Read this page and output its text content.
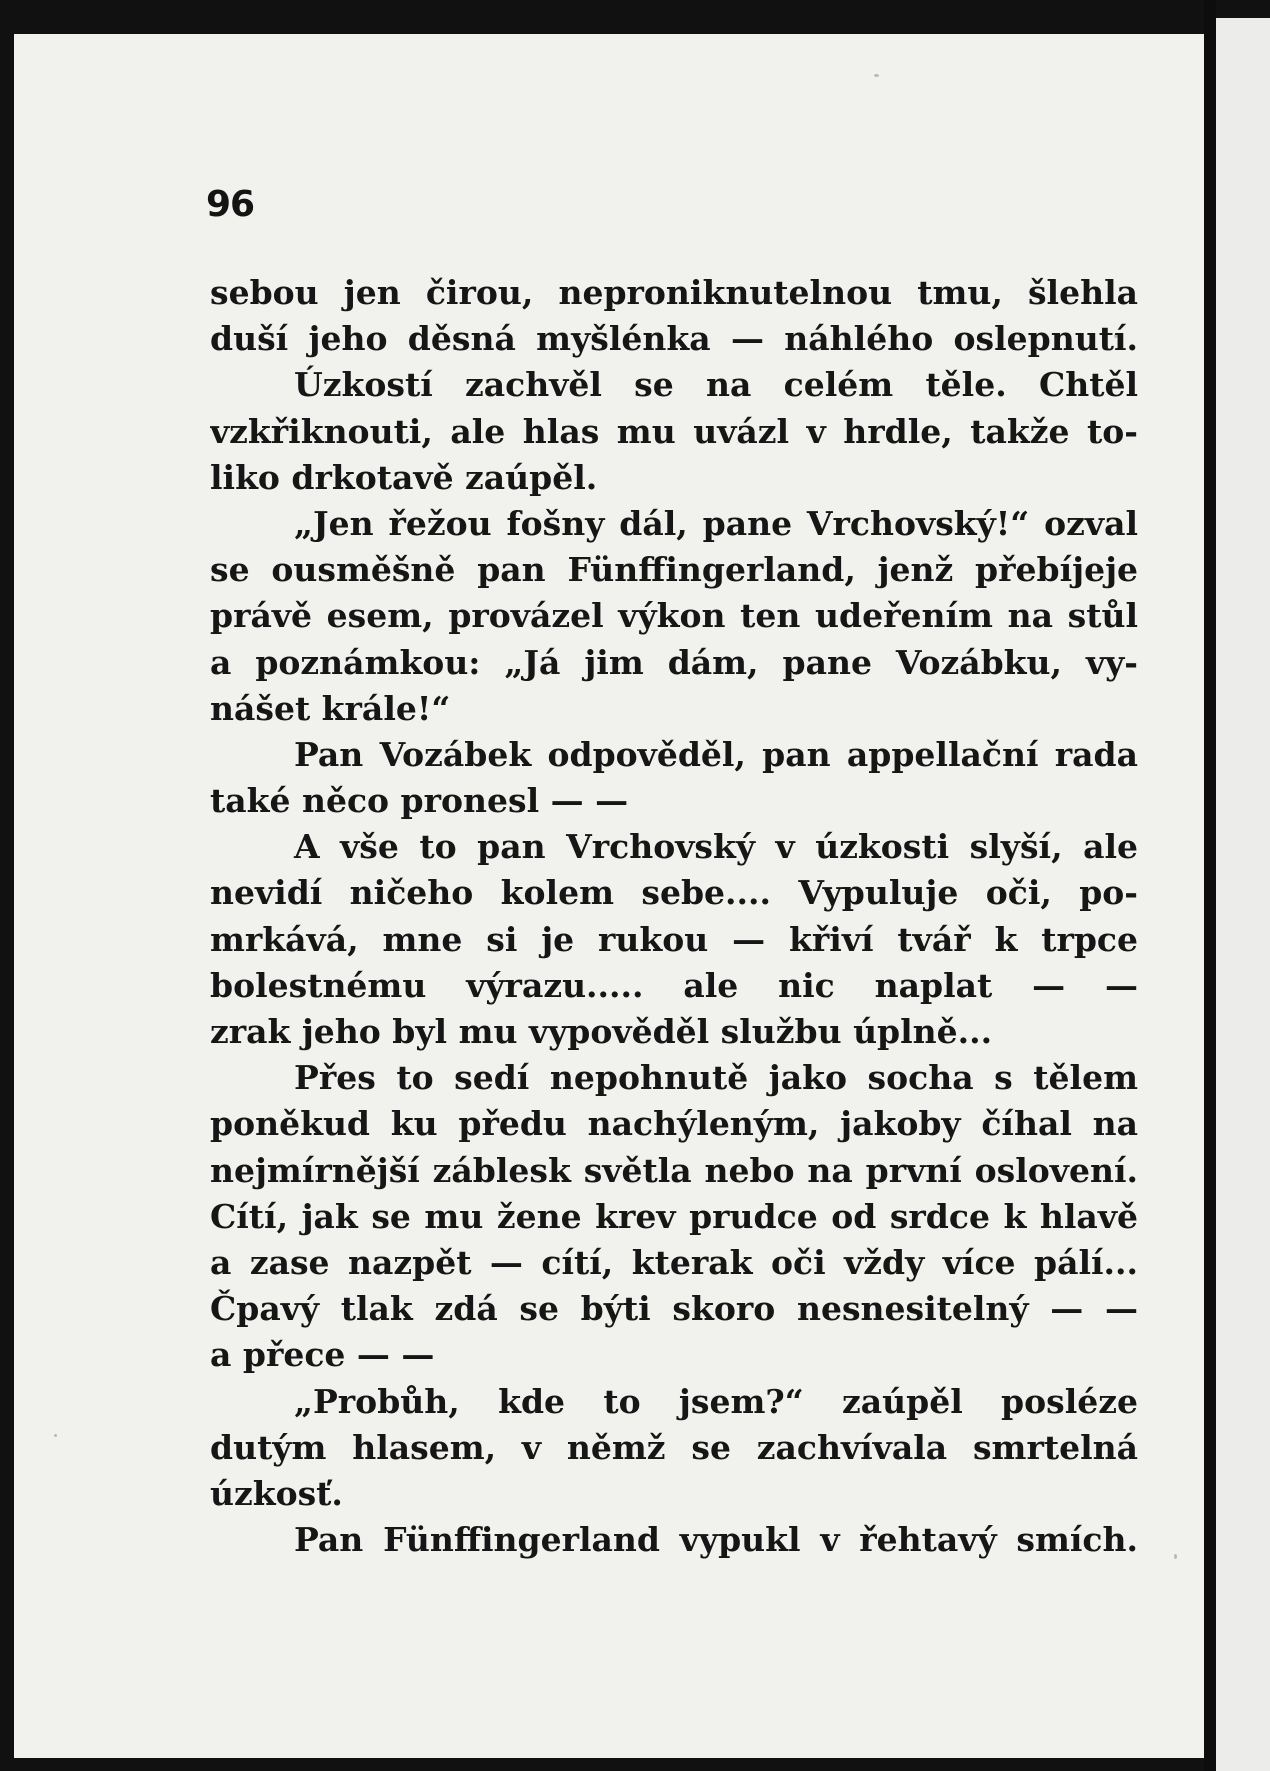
96
sebou jen čirou, neproniknutelnou tmu, šlehla
duší jeho děsná myšlénka — náhlého oslepnutí.
Úzkostí zachvěl se na celém těle. Chtěl
vzkřiknouti, ale hlas mu uvázl v hrdle, takže to-
liko drkotavě zaúpěl.
„Jen řežou fošny dál, pane Vrchovský!“ ozval
se ousměšně pan Fünffingerland, jenž přebíjeje
právě esem, provázel výkon ten udeřením na stůl
a poznámkou: „Já jim dám, pane Vozábku, vy-
nášet krále!“
Pan Vozábek odpověděl, pan appellační rada
také něco pronesl — —
A vše to pan Vrchovský v úzkosti slyší, ale
nevidí ničeho kolem sebe.... Vypuluje oči, po-
mrkává, mne si je rukou — křiví tvář k trpce
bolestnému výrazu..... ale nic naplat — —
zrak jeho byl mu vypověděl službu úplně...
Přes to sedí nepohnutě jako socha s tělem
poněkud ku předu nachýleným, jakoby číhal na
nejmírnější záblesk světla nebo na první oslovení.
Cítí, jak se mu žene krev prudce od srdce k hlavě
a zase nazpět — cítí, kterak oči vždy více pálí...
Čpavý tlak zdá se býti skoro nesnesitelný — —
a přece — —
„Probůh, kde to jsem?“ zaúpěl posléze
dutým hlasem, v němž se zachvívala smrtelná
úzkosť.
Pan Fünffingerland vypukl v řehtavý smích.
